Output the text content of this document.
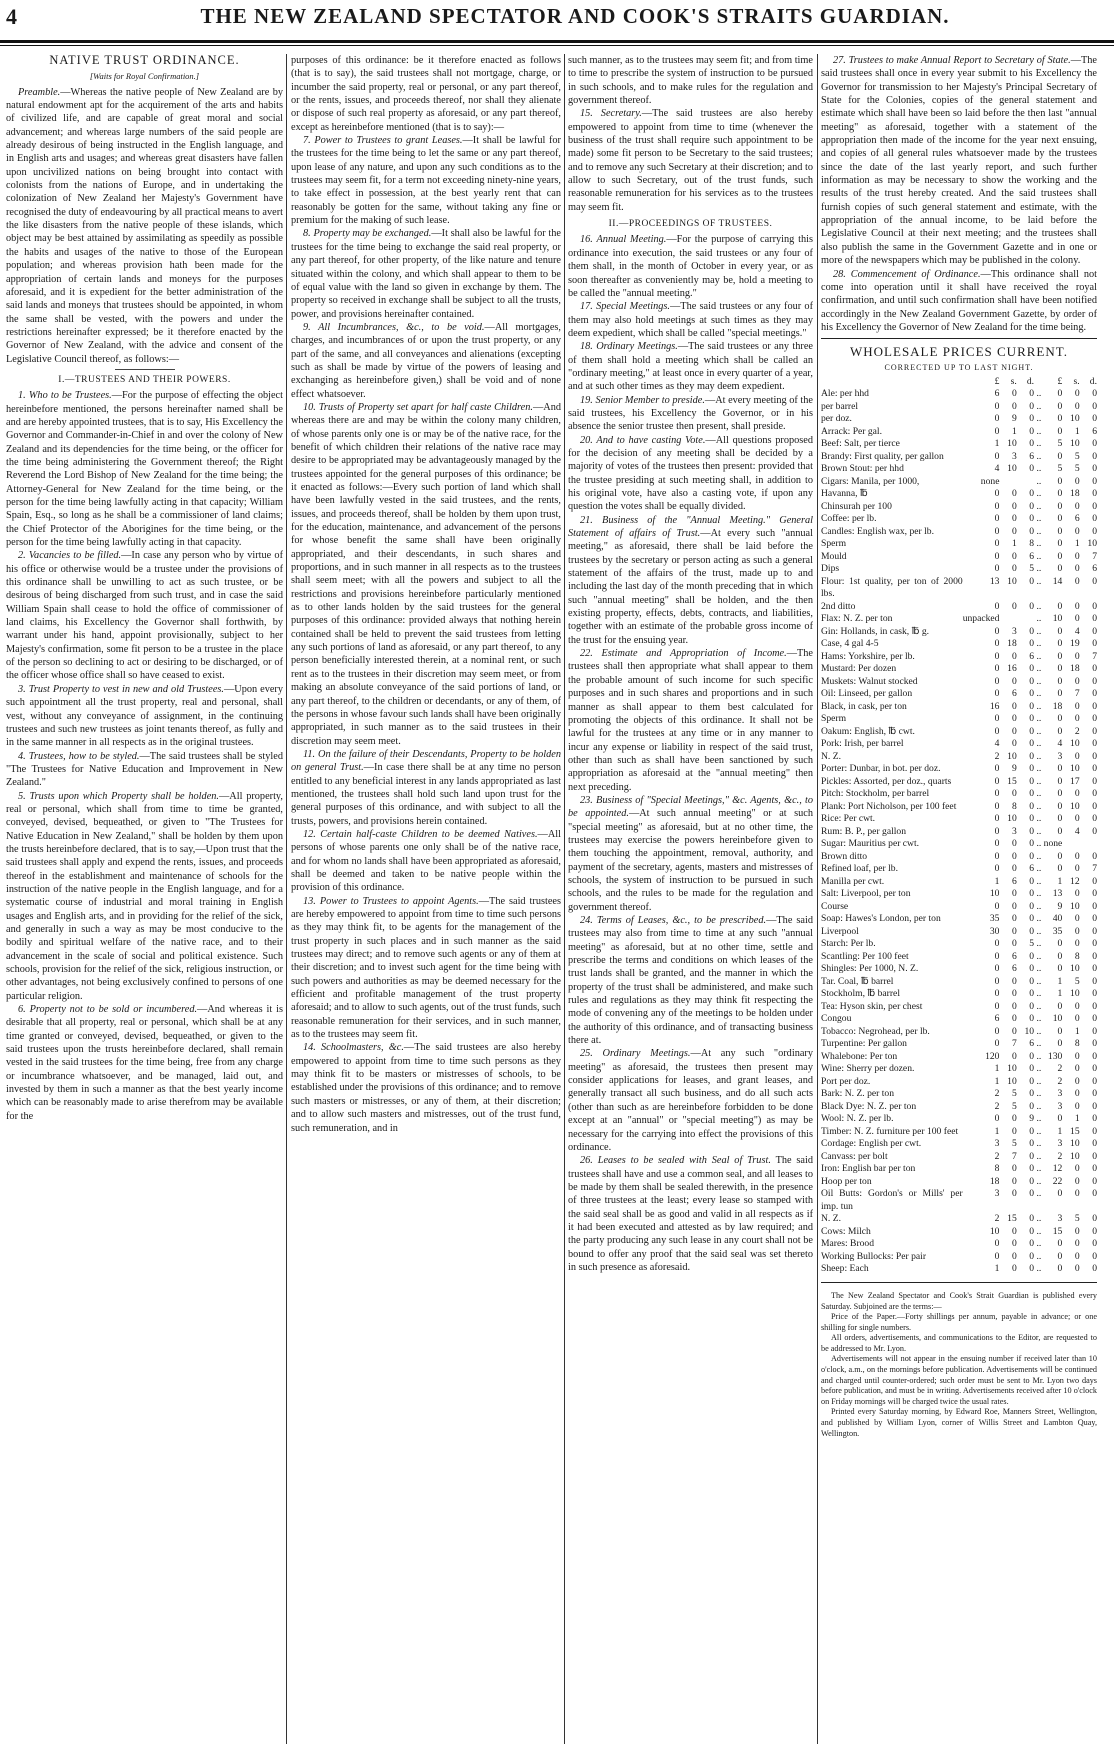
4	THE NEW ZEALAND SPECTATOR AND COOK'S STRAITS GUARDIAN.
NATIVE TRUST ORDINANCE.
[Waits for Royal Confirmation.]

Preamble.—Whereas the native people of New Zealand are by natural endowment apt for the acquirement of the arts and habits of civilized life, and are capable of great moral and social advancement; and whereas large numbers of the said people are already desirous of being instructed in the English language, and in English arts and usages; and whereas great disasters have fallen upon uncivilized nations on being brought into contact with colonists from the nations of Europe, and in undertaking the colonization of New Zealand her Majesty's Government have recognised the duty of endeavouring by all practical means to avert the like disasters from the native people of these islands, which object may be best attained by assimilating as speedily as possible the habits and usages of the native to those of the European population; and whereas provision hath been made for the appropriation of certain lands and moneys for the purposes aforesaid, and it is expedient for the better administration of the said lands and moneys that trustees should be appointed, in whom the same shall be vested, with the powers and under the restrictions hereinafter expressed; be it therefore enacted by the Governor of New Zealand, with the advice and consent of the Legislative Council thereof, as follows:—

I.—TRUSTEES AND THEIR POWERS.

1. Who to be Trustees.—For the purpose of effecting the object hereinbefore mentioned, the persons hereinafter named shall be and are hereby appointed trustees, that is to say, His Excellency the Governor and Commander-in-Chief in and over the colony of New Zealand and its dependencies for the time being, or the officer for the time being administering the Government thereof; the Right Reverend the Lord Bishop of New Zealand for the time being; the Attorney-General for New Zealand for the time being, or the person for the time being lawfully acting in that capacity; William Spain, Esq., so long as he shall be a commissioner of land claims; the Chief Protector of the Aborigines for the time being, or the person for the time being lawfully acting in that capacity.

2. Vacancies to be filled.—In case any person who by virtue of his office or otherwise would be a trustee under the provisions of this ordinance shall be unwilling to act as such trustee, or be desirous of being discharged from such trust, and in case the said William Spain shall cease to hold the office of commissioner of land claims, his Excellency the Governor shall forthwith, by warrant under his hand, appoint provisionally, subject to her Majesty's confirmation, some fit person to be a trustee in the place of the person so declining to act or desiring to be discharged, or of the officer whose office shall so have ceased to exist.

3. Trust Property to vest in new and old Trustees.—Upon every such appointment all the trust property, real and personal, shall vest, without any conveyance of assignment, in the continuing trustees and such new trustees as joint tenants thereof, as fully and in the same manner in all respects as in the original trustees.

4. Trustees, how to be styled.—The said trustees shall be styled "The Trustees for Native Education and Improvement in New Zealand."

5. Trusts upon which Property shall be holden.—All property, real or personal, which shall from time to time be granted, conveyed, devised, bequeathed, or given to "The Trustees for Native Education in New Zealand," shall be holden by them upon the trusts hereinbefore declared, that is to say,—Upon trust that the said trustees shall apply and expend the rents, issues, and proceeds thereof in the establishment and maintenance of schools for the instruction of the native people in the English language, and for a systematic course of industrial and moral training in English usages and English arts, and in providing for the relief of the sick, and generally in such a way as may be most conducive to the bodily and spiritual welfare of the native race, and to their advancement in the scale of social and political existence. Such schools, provision for the relief of the sick, religious instruction, or other advantages, not being exclusively confined to persons of one particular religion.

6. Property not to be sold or incumbered.—And whereas it is desirable that all property, real or personal, which shall be at any time granted or conveyed, devised, bequeathed, or given to the said trustees upon the trusts hereinbefore declared, shall remain vested in the said trustees for the time being, free from any charge or incumbrance whatsoever, and be managed, laid out, and invested by them in such a manner as that the best yearly income which can be reasonably made to arise therefrom may be available for the

purposes of this ordinance: be it therefore enacted as follows (that is to say), the said trustees shall not mortgage, charge, or incumber the said property, real or personal, or any part thereof, or the rents, issues, and proceeds thereof, nor shall they alienate or dispose of such real property as aforesaid, or any part thereof, except as hereinbefore mentioned (that is to say):—

7. Power to Trustees to grant Leases.—It shall be lawful for the trustees for the time being to let the same or any part thereof, upon lease of any nature, and upon any such conditions as to the trustees may seem fit, for a term not exceeding ninety-nine years, to take effect in possession, at the best yearly rent that can reasonably be gotten for the same, without taking any fine or premium for the making of such lease.

8. Property may be exchanged.—It shall also be lawful for the trustees for the time being to exchange the said real property, or any part thereof, for other property, of the like nature and tenure situated within the colony, and which shall appear to them to be of equal value with the land so given in exchange by them. The property so received in exchange shall be subject to all the trusts, power, and provisions hereinafter contained.

9. All Incumbrances, &c., to be void.—All mortgages, charges, and incumbrances of or upon the trust property, or any part of the same, and all conveyances and alienations (excepting such as shall be made by virtue of the powers of leasing and exchanging as hereinbefore given,) shall be void and of none effect whatsoever.

10. Trusts of Property set apart for half caste Children.—And whereas there are and may be within the colony many children, of whose parents only one is or may be of the native race, for the benefit of which children their relations of the native race may desire to be appropriated may be advantageously managed by the trustees appointed for the general purposes of this ordinance; be it enacted as follows:—Every such portion of land which shall have been lawfully vested in the said trustees, and the rents, issues, and proceeds thereof, shall be holden by them upon trust, for the education, maintenance, and advancement of the persons for whose benefit the same shall have been originally appropriated, and their descendants, in such shares and proportions, and in such manner in all respects as to the trustees shall seem meet; with all the powers and subject to all the restrictions and provisions hereinbefore particularly mentioned as to other lands holden by the said trustees for the general purposes of this ordinance: provided always that nothing herein contained shall be held to prevent the said trustees from letting any such portions of land as aforesaid, or any part thereof, to any person beneficially interested therein, at a nominal rent, or such rent as to the trustees in their discretion may seem meet, or from making an absolute conveyance of the said portions of land, or any part thereof, to the children or decendants, or any of them, of the persons in whose favour such lands shall have been originally appropriated, in such manner as to the said trustees in their discretion may seem meet.

11. On the failure of their Descendants, Property to be holden on general Trust.—In case there shall be at any time no person entitled to any beneficial interest in any lands appropriated as last mentioned, the trustees shall hold such land upon trust for the general purposes of this ordinance, and with subject to all the trusts, powers, and provisions herein contained.

12. Certain half-caste Children to be deemed Natives.—All persons of whose parents one only shall be of the native race, and for whom no lands shall have been appropriated as aforesaid, shall be deemed and taken to be native people within the provision of this ordinance.

13. Power to Trustees to appoint Agents.—The said trustees are hereby empowered to appoint from time to time such persons as they may think fit, to be agents for the management of the trust property in such places and in such manner as the said trustees may direct; and to remove such agents or any of them at their discretion; and to invest such agent for the time being with such powers and authorities as may be deemed necessary for the efficient and profitable management of the trust property aforesaid; and to allow to such agents, out of the trust funds, such reasonable remuneration for their services, and in such manner, as to the trustees may seem fit.

14. Schoolmasters, &c.—The said trustees are also hereby empowered to appoint from time to time such persons as they may think fit to be masters or mistresses of schools, to be established under the provisions of this ordinance; and to remove such masters or mistresses, or any of them, at their discretion; and to allow such masters and mistresses, out of the trust fund, such remuneration, and in

such manner, as to the trustees may seem fit; and from time to time to prescribe the system of instruction to be pursued in such schools, and to make rules for the regulation and government thereof.

15. Secretary.—The said trustees are also hereby empowered to appoint from time to time (whenever the business of the trust shall require such appointment to be made) some fit person to be Secretary to the said trustees; and to remove any such Secretary at their discretion; and to allow to such Secretary, out of the trust funds, such reasonable remuneration for his services as to the trustees may seem fit.

II.—PROCEEDINGS OF TRUSTEES.

16. Annual Meeting.—For the purpose of carrying this ordinance into execution, the said trustees or any four of them shall, in the month of October in every year, or as soon thereafter as conveniently may be, hold a meeting to be called the "annual meeting."

17. Special Meetings.—The said trustees or any four of them may also hold meetings at such times as they may deem expedient, which shall be called "special meetings."

18. Ordinary Meetings.—The said trustees or any three of them shall hold a meeting which shall be called an "ordinary meeting," at least once in every quarter of a year, and at such other times as they may deem expedient.

19. Senior Member to preside.—At every meeting of the said trustees, his Excellency the Governor, or in his absence the senior trustee then present, shall preside.

20. And to have casting Vote.—All questions proposed for the decision of any meeting shall be decided by a majority of votes of the trustees then present: provided that the trustee presiding at such meeting shall, in addition to his original vote, have also a casting vote, if upon any question the votes shall be equally divided.

21. Business of the "Annual Meeting." General Statement of affairs of Trust.—At every such "annual meeting," as aforesaid, there shall be laid before the trustees by the secretary or person acting as such a general statement of the affairs of the trust, made up to and including the last day of the month preceding that in which such "annual meeting" shall be holden, and the then existing property, effects, debts, contracts, and liabilities, together with an estimate of the probable gross income of the trust for the ensuing year.

22. Estimate and Appropriation of Income.—The trustees shall then appropriate what shall appear to them the probable amount of such income for such specific purposes and in such shares and proportions and in such manner as shall appear to them best calculated for promoting the objects of this ordinance. It shall not be lawful for the trustees at any time or in any manner to incur any expense or liability in respect of the said trust, other than such as shall have been sanctioned by such appropriation as aforesaid at the "annual meeting" then next preceding.

23. Business of "Special Meetings," &c. Agents, &c., to be appointed.—At such annual meeting" or at such "special meeting" as aforesaid, but at no other time, the trustees may exercise the powers hereinbefore given to them touching the appointment, removal, authority, and payment of the secretary, agents, masters and mistresses of schools, the system of instruction to be pursued in such schools, and the rules to be made for the regulation and government thereof.

24. Terms of Leases, &c., to be prescribed.—The said trustees may also from time to time at any such "annual meeting" as aforesaid, but at no other time, settle and prescribe the terms and conditions on which leases of the trust lands shall be granted, and the manner in which the property of the trust shall be administered, and make such rules and regulations as they may think fit respecting the mode of convening any of the meetings to be holden under the authority of this ordinance, and of transacting business there at.

25. Ordinary Meetings.—At any such "ordinary meeting" as aforesaid, the trustees then present may consider applications for leases, and grant leases, and generally transact all such business, and do all such acts (other than such as are hereinbefore forbidden to be done except at an "annual" or "special meeting") as may be necessary for the carrying into effect the provisions of this ordinance.

26. Leases to be sealed with Seal of Trust. The said trustees shall have and use a common seal, and all leases to be made by them shall be sealed therewith, in the presence of three trustees at the least; every lease so stamped with the said seal shall be as good and valid in all respects as if it had been executed and attested as by law required; and the party producing any such lease in any court shall not be bound to offer any proof that the said seal was set thereto in such presence as aforesaid.

27. Trustees to make Annual Report to Secretary of State.—The said trustees shall once in every year submit to his Excellency the Governor for transmission to her Majesty's Principal Secretary of State for the Colonies, copies of the general statement and estimate which shall have been so laid before the then last "annual meeting" as aforesaid, together with a statement of the appropriation then made of the income for the year next ensuing, and copies of all general rules whatsoever made by the trustees since the date of the last yearly report, and such further information as may be necessary to show the working and the results of the trust hereby created. And the said trustees shall furnish copies of such general statement and estimate, with the appropriation of the annual income, to be laid before the Legislative Council at their next meeting; and the trustees shall also publish the same in the Government Gazette and in one or more of the newspapers which may be published in the colony.

28. Commencement of Ordinance.—This ordinance shall not come into operation until it shall have received the royal confirmation, and until such confirmation shall have been notified accordingly in the New Zealand Government Gazette, by order of his Excellency the Governor of New Zealand for the time being.

WHOLESALE PRICES CURRENT.
CORRECTED UP TO LAST NIGHT.
	£	s.	d.		£	s.	d.
Ale: per hhd	6	0	0	..	0	0	0
per barrel	0	0	0	..	0	0	0
per doz.	0	9	0	..	0	10	0
Arrack: Per gal.	0	1	0	..	0	1	6
Beef: Salt, per tierce	1	10	0	..	5	10	0
Brandy: First quality, per gallon	0	3	6	..	0	5	0
Brown Stout: per hhd	4	10	0	..	5	5	0
Cigars: Manila, per 1000,	none			..	0	0	0
Havanna, ℔	0	0	0	..	0	18	0
Chinsurah per 100	0	0	0	..	0	0	0
Coffee: per lb.	0	0	0	..	0	6	0
Candles: English wax, per lb.	0	0	0	..	0	0	0
Sperm	0	1	8	..	0	1	10
Mould	0	0	6	..	0	0	7
Dips	0	0	5	..	0	0	6
Flour: 1st quality, per ton of 2000 lbs.	13	10	0	..	14	0	0
2nd ditto	0	0	0	..	0	0	0
Flax: N. Z. per ton	unpacked			..	10	0	0
Gin: Hollands, in cask, ℔ g.	0	3	0	..	0	4	0
Case, 4 gal 4-5	0	18	0	..	0	19	0
Hams: Yorkshire, per lb.	0	0	6	..	0	0	7
Mustard: Per dozen	0	16	0	..	0	18	0
Muskets: Walnut stocked	0	0	0	..	0	0	0
Oil: Linseed, per gallon	0	6	0	..	0	7	0
Black, in cask, per ton	16	0	0	..	18	0	0
Sperm	0	0	0	..	0	0	0
Oakum: English, ℔ cwt.	0	0	0	..	0	2	0
Pork: Irish, per barrel	4	0	0	..	4	10	0
N. Z.	2	10	0	..	3	0	0
Porter: Dunbar, in bot. per doz.	0	9	0	..	0	10	0
Pickles: Assorted, per doz., quarts	0	15	0	..	0	17	0
Pitch: Stockholm, per barrel	0	0	0	..	0	0	0
Plank: Port Nicholson, per 100 feet	0	8	0	..	0	10	0
Rice: Per cwt.	0	10	0	..	0	0	0
Rum: B. P., per gallon	0	3	0	..	0	4	0
Sugar: Mauritius per cwt.	0	0	0	..	none		
Brown ditto	0	0	0	..	0	0	0
Refined loaf, per lb.	0	0	6	..	0	0	7
Manilla per cwt.	1	6	0	..	1	12	0
Salt: Liverpool, per ton	10	0	0	..	13	0	0
Course	0	0	0	..	9	10	0
Soap: Hawes's London, per ton	35	0	0	..	40	0	0
Liverpool	30	0	0	..	35	0	0
Starch: Per lb.	0	0	5	..	0	0	0
Scantling: Per 100 feet	0	6	0	..	0	8	0
Shingles: Per 1000, N. Z.	0	6	0	..	0	10	0
Tar. Coal, ℔ barrel	0	0	0	..	1	5	0
Stockholm, ℔ barrel	0	0	0	..	1	10	0
Tea: Hyson skin, per chest	0	0	0	..	0	0	0
Congou	6	0	0	..	10	0	0
Tobacco: Negrohead, per lb.	0	0	10	..	0	1	0
Turpentine: Per gallon	0	7	6	..	0	8	0
Whalebone: Per ton	120	0	0	..	130	0	0
Wine: Sherry per dozen.	1	10	0	..	2	0	0
Port per doz.	1	10	0	..	2	0	0
Bark: N. Z. per ton	2	5	0	..	3	0	0
Black Dye: N. Z. per ton	2	5	0	..	3	0	0
Wool: N. Z. per lb.	0	0	9	..	0	1	0
Timber: N. Z. furniture per 100 feet	1	0	0	..	1	15	0
Cordage: English per cwt.	3	5	0	..	3	10	0
Canvass: per bolt	2	7	0	..	2	10	0
Iron: English bar per ton	8	0	0	..	12	0	0
Hoop per ton	18	0	0	..	22	0	0
Oil Butts: Gordon's or Mills' per imp. tun	3	0	0	..	0	0	0
N. Z.	2	15	0	..	3	5	0
Cows: Milch	10	0	0	..	15	0	0
Mares: Brood	0	0	0	..	0	0	0
Working Bullocks: Per pair	0	0	0	..	0	0	0
Sheep: Each	1	0	0	..	0	0	0

The New Zealand Spectator and Cook's Strait Guardian is published every Saturday. Subjoined are the terms:—

Price of the Paper.—Forty shillings per annum, payable in advance; or one shilling for single numbers.

All orders, advertisements, and communications to the Editor, are requested to be addressed to Mr. Lyon.

Advertisements will not appear in the ensuing number if received later than 10 o'clock, a.m., on the mornings before publication. Advertisements will be continued and charged until counter-ordered; such order must be sent to Mr. Lyon two days before publication, and must be in writing. Advertisements received after 10 o'clock on Friday mornings will be charged twice the usual rates.

Printed every Saturday morning, by Edward Roe, Manners Street, Wellington, and published by William Lyon, corner of Willis Street and Lambton Quay, Wellington.
